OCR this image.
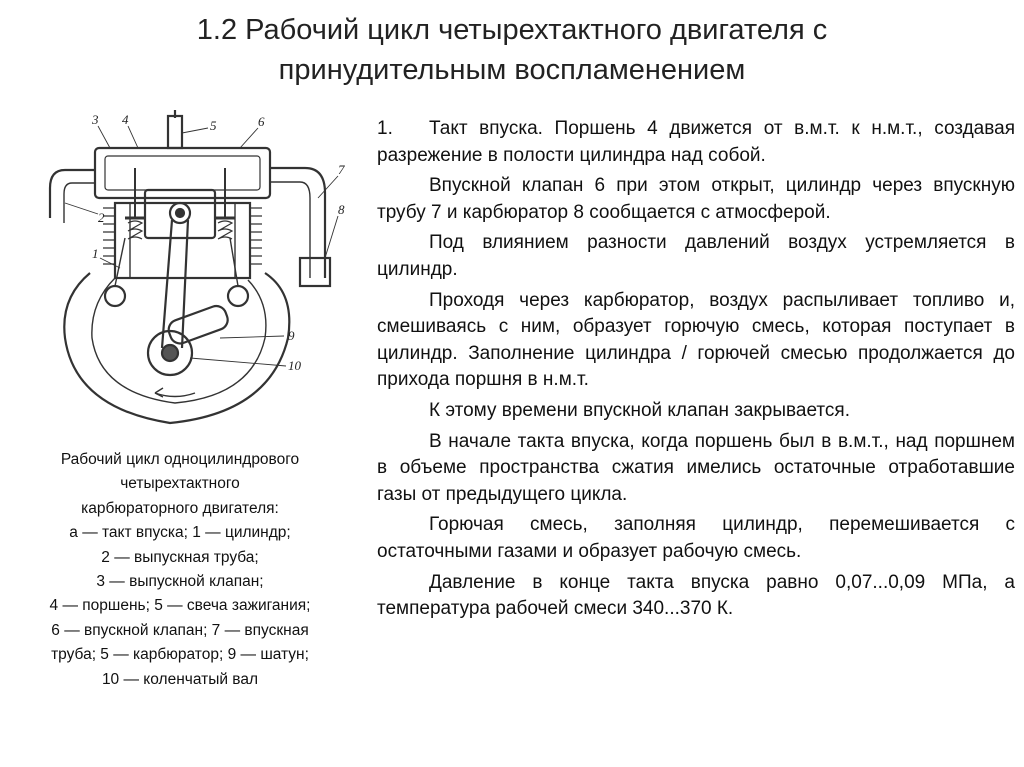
1.2 Рабочий цикл четырехтактного двигателя с
принудительным воспламенением
3 4	5	6
7
8
2
1
9
10
Рабочий цикл одноцилиндрового
четырехтактного
карбюраторного двигателя:
а — такт впуска; 1 — цилиндр;
2 — выпускная труба;
3 — выпускной клапан;
4 — поршень; 5 — свеча зажигания;
6 — впускной клапан; 7 — впускная
труба; 5 — карбюратор; 9 — шатун;
10 — коленчатый вал

1. Такт впуска. Поршень 4 движется от в.м.т. к н.м.т., создавая разрежение в полости цилиндра над собой.

Впускной клапан 6 при этом открыт, цилиндр через впускную трубу 7 и карбюратор 8 сообщается с атмосферой.

Под влиянием разности давлений воздух устремляется в цилиндр.

Проходя через карбюратор, воздух распыливает топливо и, смешиваясь с ним, образует горючую смесь, которая поступает в цилиндр. Заполнение цилиндра / горючей смесью продолжается до прихода поршня в н.м.т.

К этому времени впускной клапан закрывается.

В начале такта впуска, когда поршень был в в.м.т., над поршнем в объеме пространства сжатия имелись остаточные отработавшие газы от предыдущего цикла.

Горючая смесь, заполняя цилиндр, перемешивается с остаточными газами и образует рабочую смесь.

Давление в конце такта впуска равно 0,07...0,09 МПа, а температура рабочей смеси 340...370 К.
